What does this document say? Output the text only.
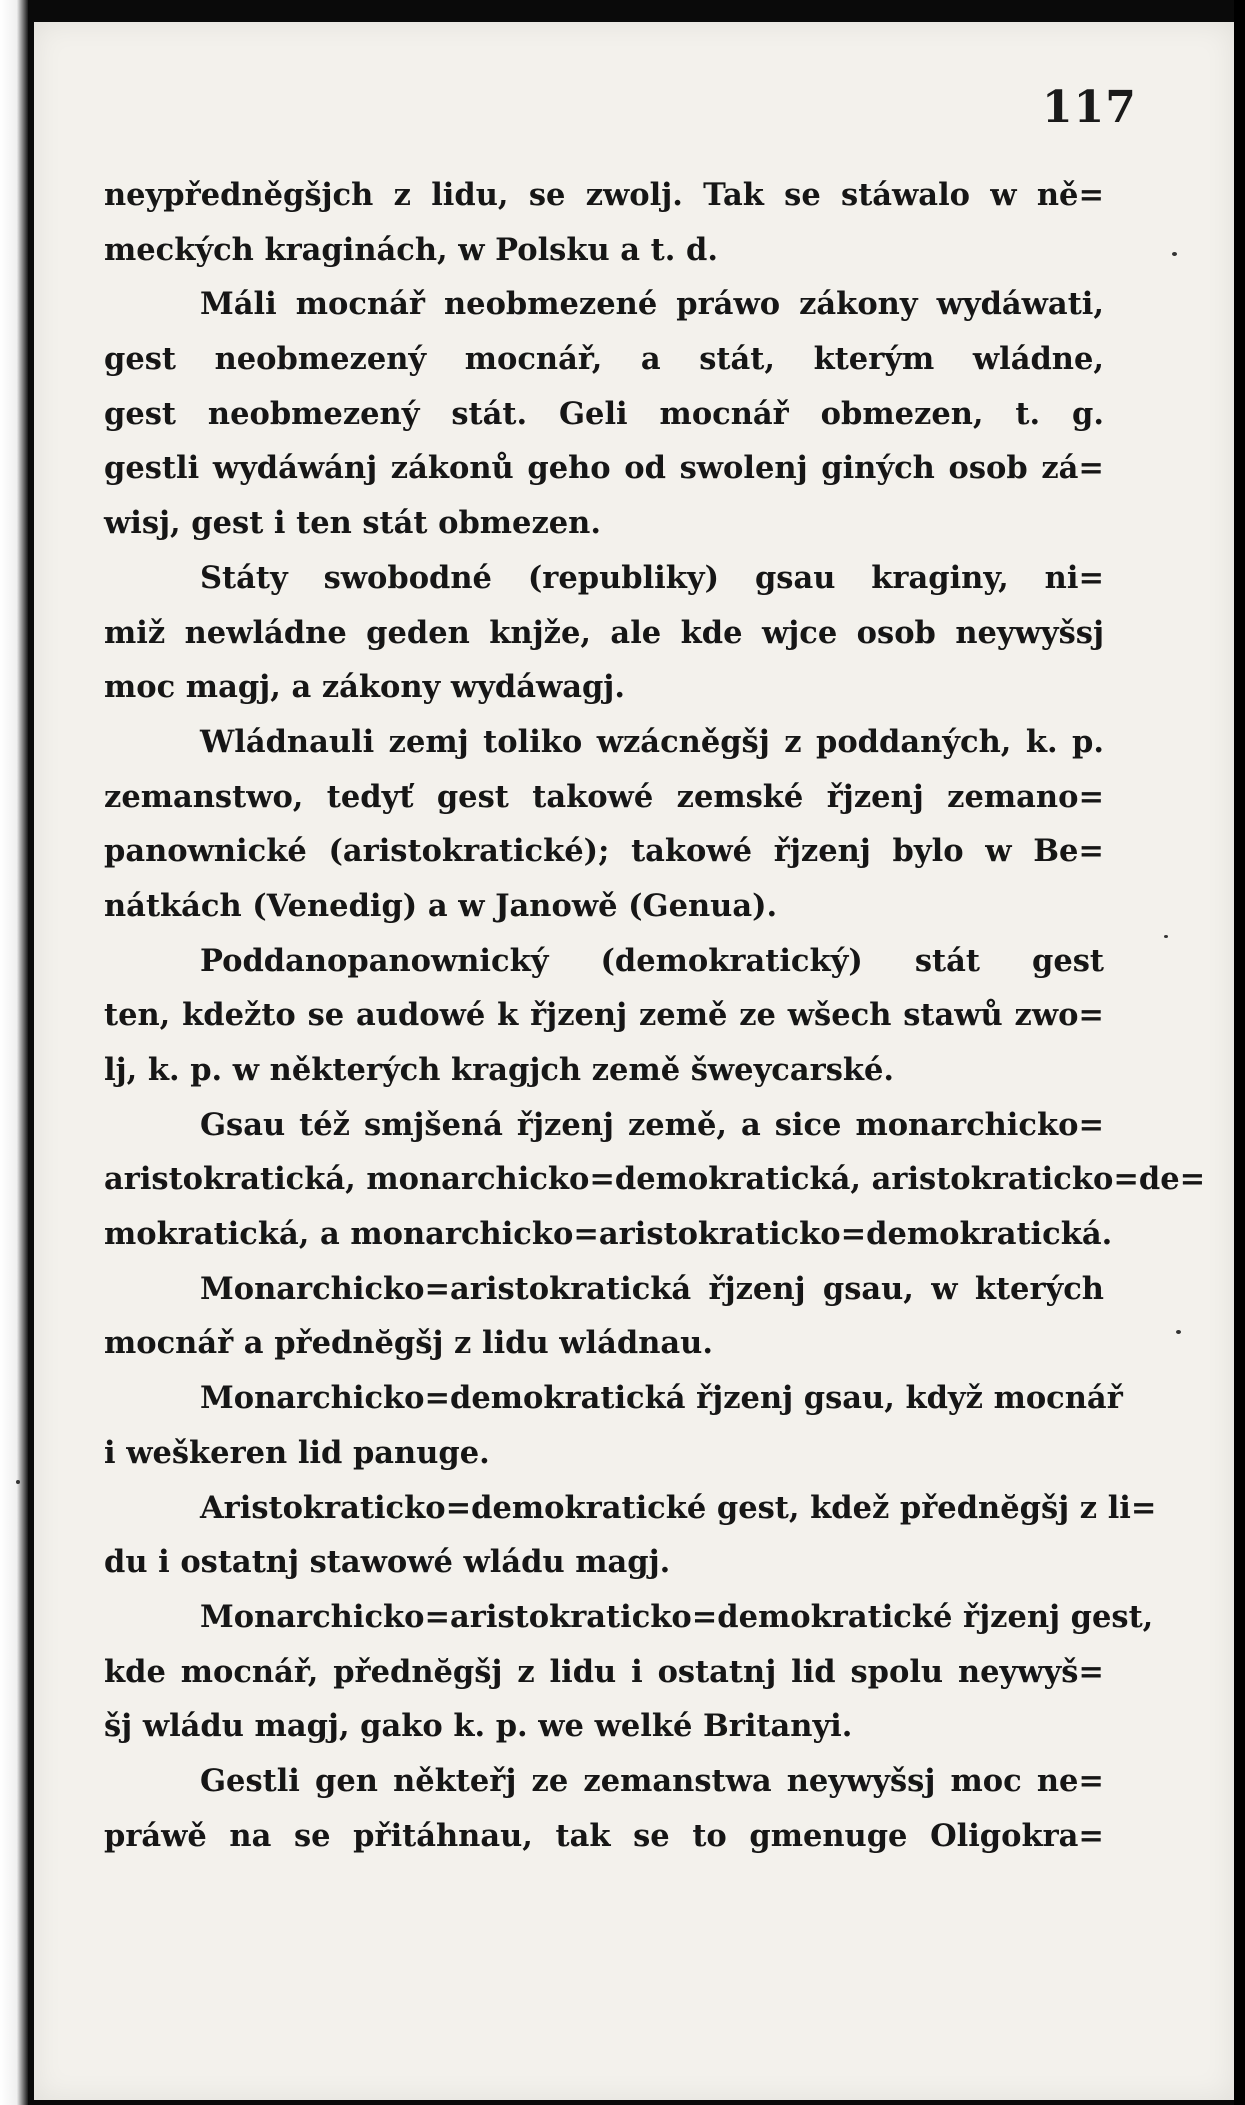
117
neypředněgšjch z lidu, se zwolj. Tak se stáwalo w ně=
meckých kraginách, w Polsku a t. d.
Máli mocnář neobmezené práwo zákony wydáwati,
gest neobmezený mocnář, a stát, kterým wládne,
gest neobmezený stát. Geli mocnář obmezen, t. g.
gestli wydáwánj zákonů geho od swolenj giných osob zá=
wisj, gest i ten stát obmezen.
Státy swobodné (republiky) gsau kraginy, ni=
miž newládne geden knjže, ale kde wjce osob neywyšsj
moc magj, a zákony wydáwagj.
Wládnauli zemj toliko wzácněgšj z poddaných, k. p.
zemanstwo, tedyť gest takowé zemské řjzenj zemano=
panownické (aristokratické); takowé řjzenj bylo w Be=
nátkách (Venedig) a w Janowě (Genua).
Poddanopanownický (demokratický) stát gest
ten, kdežto se audowé k řjzenj země ze wšech stawů zwo=
lj, k. p. w některých kragjch země šweycarské.
Gsau též smjšená řjzenj země, a sice monarchicko=
aristokratická, monarchicko=demokratická, aristokraticko=de=
mokratická, a monarchicko=aristokraticko=demokratická.
Monarchicko=aristokratická řjzenj gsau, w kterých
mocnář a přednĕgšj z lidu wládnau.
Monarchicko=demokratická řjzenj gsau, když mocnář
i weškeren lid panuge.
Aristokraticko=demokratické gest, kdež přednĕgšj z li=
du i ostatnj stawowé wládu magj.
Monarchicko=aristokraticko=demokratické řjzenj gest,
kde mocnář, přednĕgšj z lidu i ostatnj lid spolu neywyš=
šj wládu magj, gako k. p. we welké Britanyi.
Gestli gen někteřj ze zemanstwa neywyšsj moc ne=
práwě na se přitáhnau, tak se to gmenuge Oligokra=
